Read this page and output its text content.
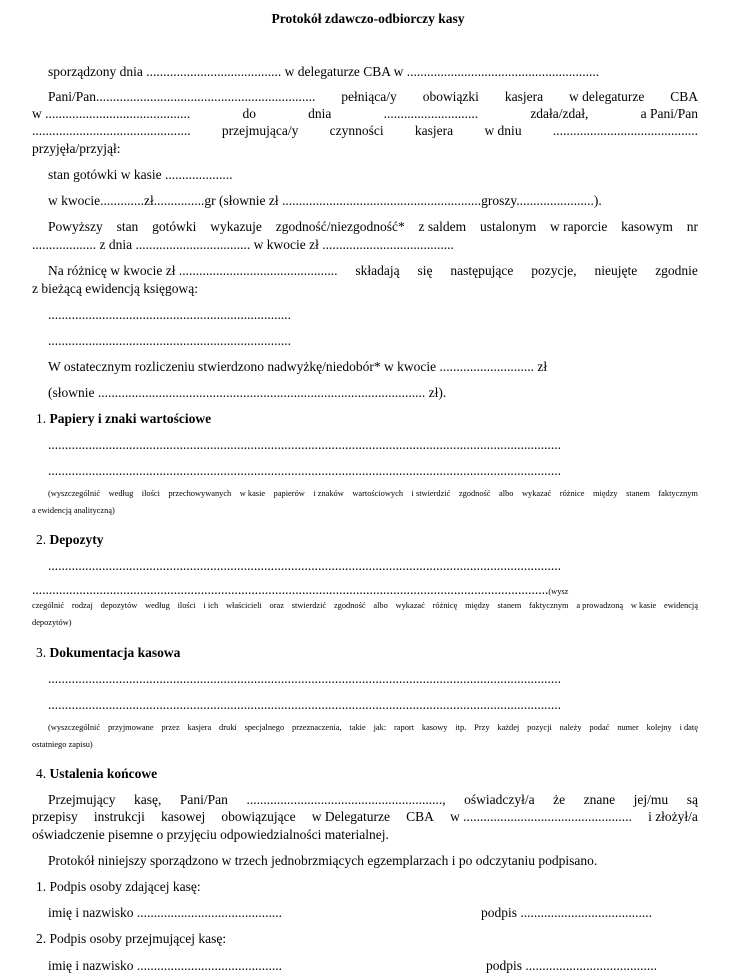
Protokół zdawczo-odbiorczy kasy
sporządzony dnia ........................................ w delegaturze CBA w .........................................................
Pani/Pan................................................................. pełniąca/y obowiązki kasjera w delegaturze CBA
w ...........................................	do	dnia	............................	zdała/zdał,	a Pani/Pan
............................................... przejmująca/y czynności kasjera w dniu ...........................................
przyjęła/przyjął:
stan gotówki w kasie ....................
w kwocie.............zł...............gr (słownie zł ...........................................................groszy.......................).
Powyższy stan gotówki wykazuje zgodność/niezgodność* z saldem ustalonym w raporcie kasowym nr
................... z dnia .................................. w kwocie zł .......................................
Na różnicę w kwocie zł ............................................... składają się następujące pozycje, nieujęte zgodnie
z bieżącą ewidencją księgową:
........................................................................
........................................................................
W ostatecznym rozliczeniu stwierdzono nadwyżkę/niedobór* w kwocie ............................ zł
(słownie ................................................................................................. zł).
1. Papiery i znaki wartościowe
........................................................................................................................................................
........................................................................................................................................................
(wyszczególnić według ilości przechowywanych w kasie papierów i znaków wartościowych i stwierdzić zgodność albo wykazać różnice między stanem faktycznym
a ewidencją analityczną)
2. Depozyty
........................................................................................................................................................
.........................................................................................................................................................(wysz
czególnić rodzaj depozytów według ilości i ich właścicieli oraz stwierdzić zgodność albo wykazać różnicę między stanem faktycznym a prowadzoną w kasie ewidencją
depozytów)
3. Dokumentacja kasowa
........................................................................................................................................................
........................................................................................................................................................
(wyszczególnić przyjmowane przez kasjera druki specjalnego przeznaczenia, takie jak: raport kasowy itp. Przy każdej pozycji należy podać numer kolejny i datę
ostatniego zapisu)
4. Ustalenia końcowe
Przejmujący kasę, Pani/Pan .........................................................., oświadczył/a że znane jej/mu są
przepisy instrukcji kasowej obowiązujące w Delegaturze CBA w .................................................. i złożył/a
oświadczenie pisemne o przyjęciu odpowiedzialności materialnej.
Protokół niniejszy sporządzono w trzech jednobrzmiących egzemplarzach i po odczytaniu podpisano.
1. Podpis osoby zdającej kasę:
imię i nazwisko ...........................................	podpis .......................................
2. Podpis osoby przejmującej kasę:
imię i nazwisko ...........................................	podpis .......................................
